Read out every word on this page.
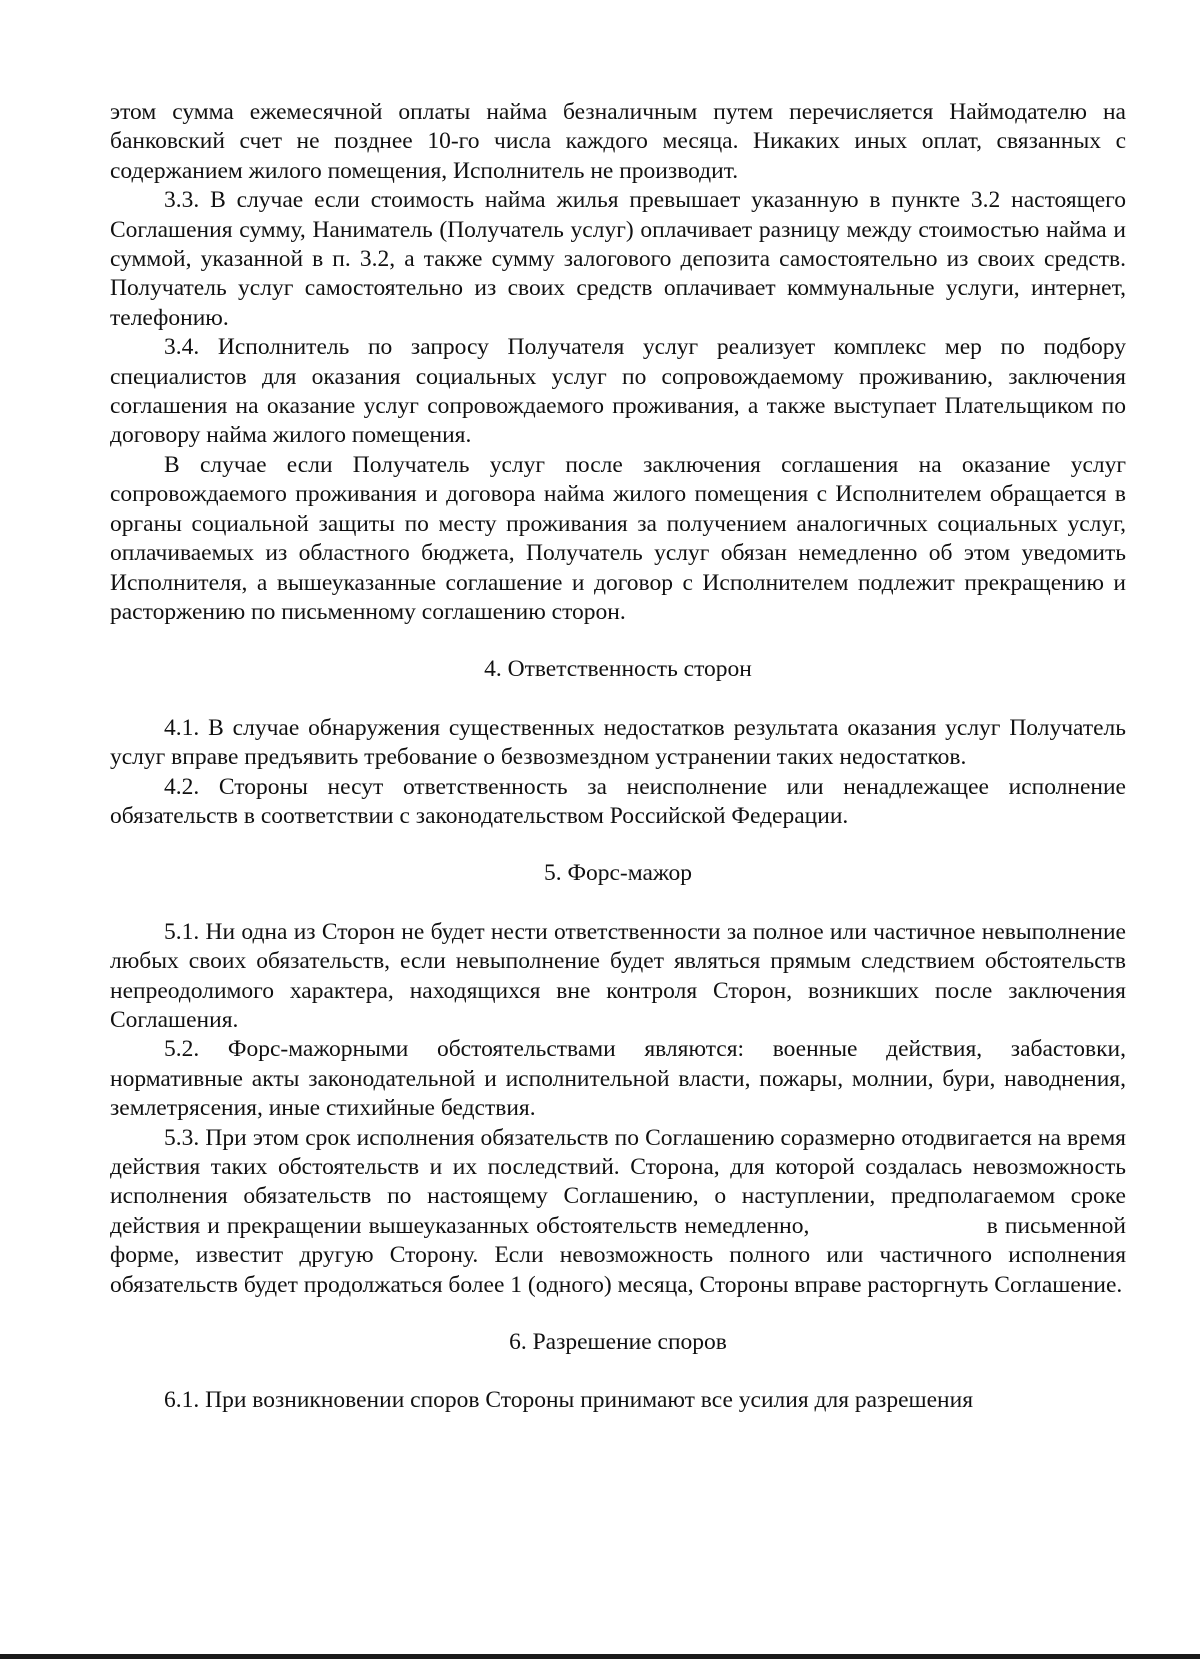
этом сумма ежемесячной оплаты найма безналичным путем перечисляется Наймодателю на банковский счет не позднее 10-го числа каждого месяца. Никаких иных оплат, связанных с содержанием жилого помещения, Исполнитель не производит.

3.3. В случае если стоимость найма жилья превышает указанную в пункте 3.2 настоящего Соглашения сумму, Наниматель (Получатель услуг) оплачивает разницу между стоимостью найма и суммой, указанной в п. 3.2, а также сумму залогового депозита самостоятельно из своих средств. Получатель услуг самостоятельно из своих средств оплачивает коммунальные услуги, интернет, телефонию.

3.4. Исполнитель по запросу Получателя услуг реализует комплекс мер по подбору специалистов для оказания социальных услуг по сопровождаемому проживанию, заключения соглашения на оказание услуг сопровождаемого проживания, а также выступает Плательщиком по договору найма жилого помещения.

В случае если Получатель услуг после заключения соглашения на оказание услуг сопровождаемого проживания и договора найма жилого помещения с Исполнителем обращается в органы социальной защиты по месту проживания за получением аналогичных социальных услуг, оплачиваемых из областного бюджета, Получатель услуг обязан немедленно об этом уведомить Исполнителя, а вышеуказанные соглашение и договор с Исполнителем подлежит прекращению и расторжению по письменному соглашению сторон.

4. Ответственность сторон

4.1. В случае обнаружения существенных недостатков результата оказания услуг Получатель услуг вправе предъявить требование о безвозмездном устранении таких недостатков.

4.2. Стороны несут ответственность за неисполнение или ненадлежащее исполнение обязательств в соответствии с законодательством Российской Федерации.

5. Форс-мажор

5.1. Ни одна из Сторон не будет нести ответственности за полное или частичное невыполнение любых своих обязательств, если невыполнение будет являться прямым следствием обстоятельств непреодолимого характера, находящихся вне контроля Сторон, возникших после заключения Соглашения.

5.2. Форс-мажорными обстоятельствами являются: военные действия, забастовки, нормативные акты законодательной и исполнительной власти, пожары, молнии, бури, наводнения, землетрясения, иные стихийные бедствия.

5.3. При этом срок исполнения обязательств по Соглашению соразмерно отодвигается на время действия таких обстоятельств и их последствий. Сторона, для которой создалась невозможность исполнения обязательств по настоящему Соглашению, о наступлении, предполагаемом сроке действия и прекращении вышеуказанных обстоятельств немедленно,                         в письменной форме, известит другую Сторону. Если невозможность полного или частичного исполнения обязательств будет продолжаться более 1 (одного) месяца, Стороны вправе расторгнуть Соглашение.

6. Разрешение споров

6.1. При возникновении споров Стороны принимают все усилия для разрешения
